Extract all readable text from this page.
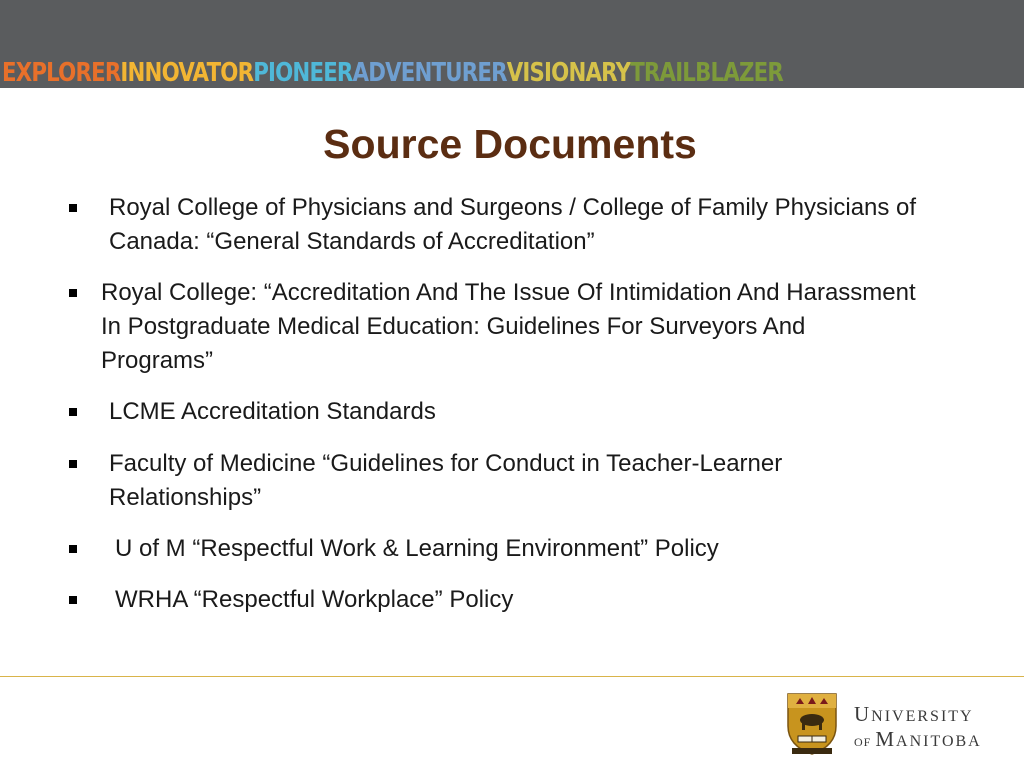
EXPLORERINNOVATORPIONEERADVENTURERVISIONARYTRAILBLAZER
Source Documents
Royal College of Physicians and Surgeons / College of Family Physicians of Canada: “General Standards of Accreditation”
Royal College: “Accreditation And The Issue Of Intimidation And Harassment In Postgraduate Medical Education: Guidelines For Surveyors And Programs”
LCME Accreditation Standards
Faculty of Medicine “Guidelines for Conduct in Teacher-Learner Relationships”
U of M “Respectful Work & Learning Environment” Policy
WRHA “Respectful Workplace” Policy
UNIVERSITY
OF MANITOBA
